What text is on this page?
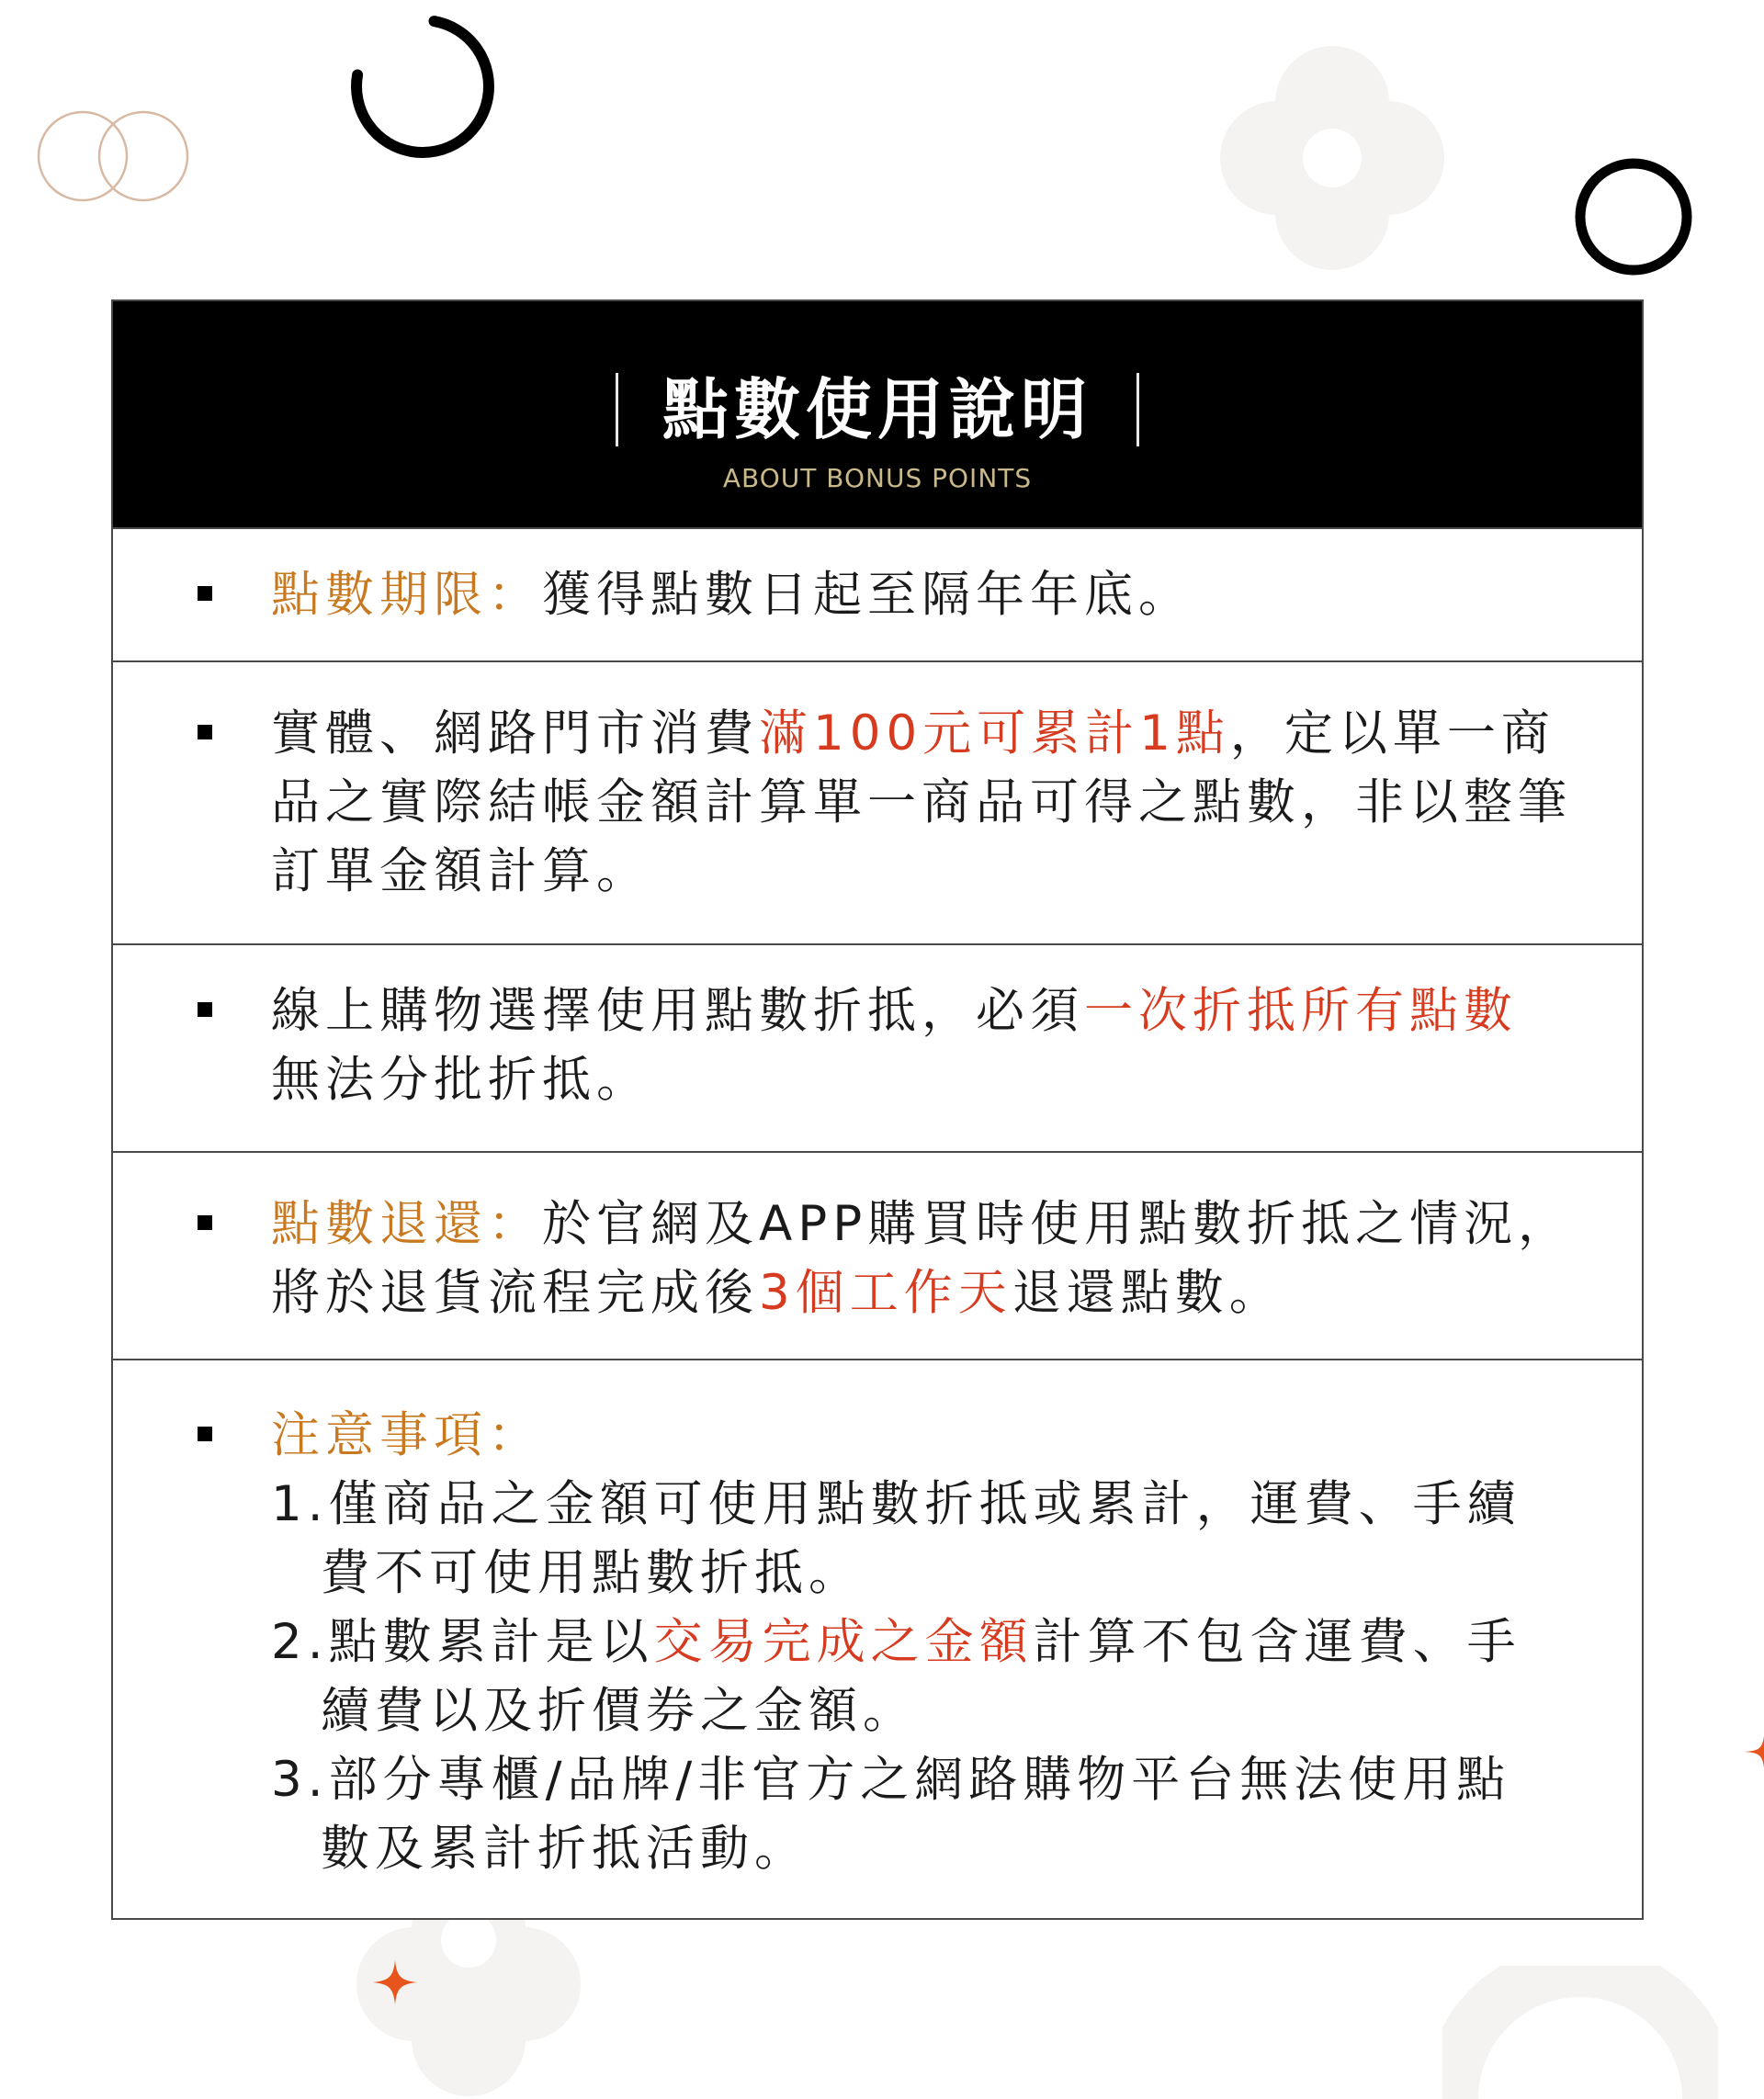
點數使用說明
ABOUT BONUS POINTS
點數期限：獲得點數日起至隔年年底。
實體、網路門市消費滿100元可累計1點，定以單一商品之實際結帳金額計算單一商品可得之點數，非以整筆訂單金額計算。
線上購物選擇使用點數折抵，必須一次折抵所有點數
無法分批折抵。
點數退還：於官網及APP購買時使用點數折抵之情況，將於退貨流程完成後3個工作天退還點數。
注意事項：
1.僅商品之金額可使用點數折抵或累計，運費、手續
費不可使用點數折抵。
2.點數累計是以交易完成之金額計算不包含運費、手
續費以及折價券之金額。
3.部分專櫃/品牌/非官方之網路購物平台無法使用點
數及累計折抵活動。
